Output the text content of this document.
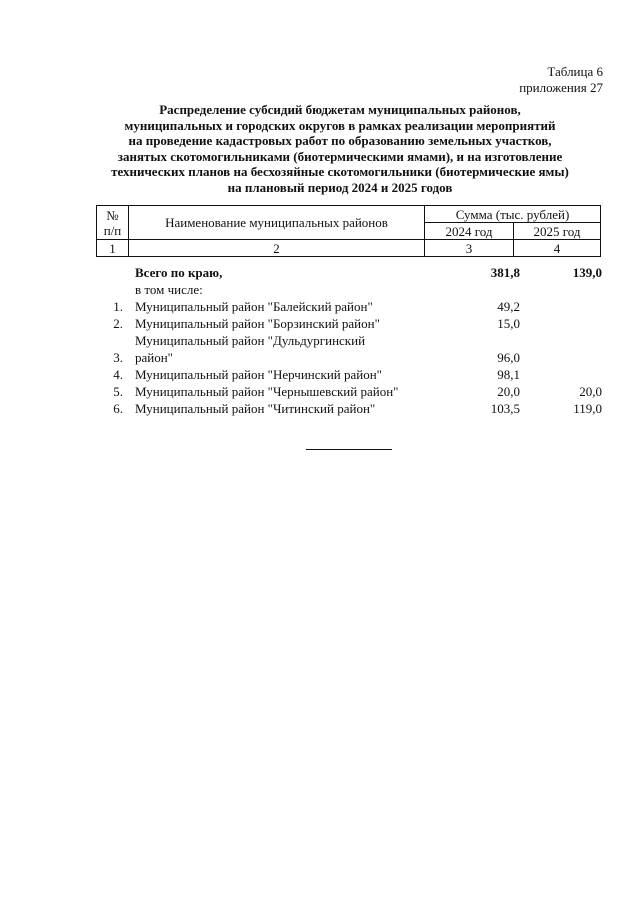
Таблица 6
приложения 27
Распределение субсидий бюджетам муниципальных районов,
муниципальных и городских округов в рамках реализации мероприятий
на проведение кадастровых работ по образованию земельных участков,
занятых скотомогильниками (биотермическими ямами), и на изготовление
технических планов на бесхозяйные скотомогильники (биотермические ямы)
на плановый период 2024 и 2025 годов
№
п/п	Наименование муниципальных районов	Сумма (тыс. рублей)	
		2024 год	2025 год
1	2	3	4
Всего по краю,	381,8	139,0
в том числе:
1. Муниципальный район "Балейский район"	49,2
2. Муниципальный район "Борзинский район"	15,0
Муниципальный район "Дульдургинский
3. район"	96,0
4. Муниципальный район "Нерчинский район"	98,1
5. Муниципальный район "Чернышевский район"	20,0	20,0
6. Муниципальный район "Читинский район"	103,5	119,0
